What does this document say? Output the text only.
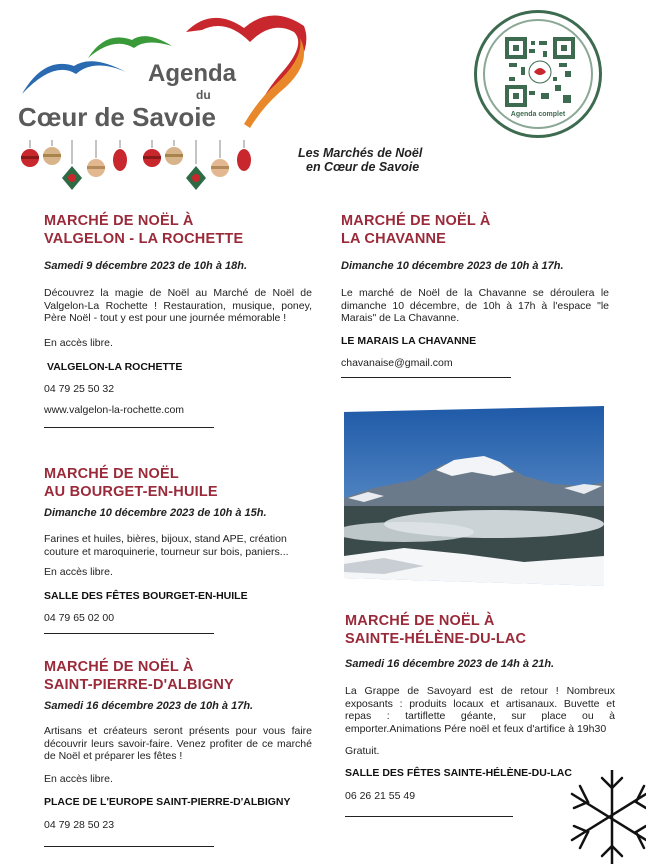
Agenda
du
Cœur de Savoie	Agenda complet
Les Marchés de Noël
en Cœur de Savoie
MARCHÉ DE NOËL À
VALGELON - LA ROCHETTE
Samedi 9 décembre 2023 de 10h à 18h.
Découvrez la magie de Noël au Marché de Noël de Valgelon-La Rochette ! Restauration, musique, poney, Père Noël - tout y est pour une journée mémorable !
En accès libre.
VALGELON-LA ROCHETTE
04 79 25 50 32
www.valgelon-la-rochette.com
MARCHÉ DE NOËL
AU BOURGET-EN-HUILE
Dimanche 10 décembre 2023 de 10h à 15h.
Farines et huiles, bières, bijoux, stand APE, création couture et maroquinerie, tourneur sur bois, paniers...
En accès libre.
SALLE DES FÊTES BOURGET-EN-HUILE
04 79 65 02 00
MARCHÉ DE NOËL À
SAINT-PIERRE-D'ALBIGNY
Samedi 16 décembre 2023 de 10h à 17h.
Artisans et créateurs seront présents pour vous faire découvrir leurs savoir-faire. Venez profiter de ce marché de Noël et préparer les fêtes !
En accès libre.
PLACE DE L'EUROPE SAINT-PIERRE-D'ALBIGNY
04 79 28 50 23
MARCHÉ DE NOËL À
LA CHAVANNE
Dimanche 10 décembre 2023 de 10h à 17h.
Le marché de Noël de la Chavanne se déroulera le dimanche 10 décembre, de 10h à 17h à l'espace "le Marais" de La Chavanne.
LE MARAIS LA CHAVANNE
chavanaise@gmail.com
MARCHÉ DE NOËL À
SAINTE-HÉLÈNE-DU-LAC
Samedi 16 décembre 2023 de 14h à 21h.
La Grappe de Savoyard est de retour ! Nombreux exposants : produits locaux et artisanaux. Buvette et repas : tartiflette géante, sur place ou à emporter.Animations Pére noël et feux d'artifice à 19h30
Gratuit.
SALLE DES FÊTES SAINTE-HÉLÈNE-DU-LAC
06 26 21 55 49
